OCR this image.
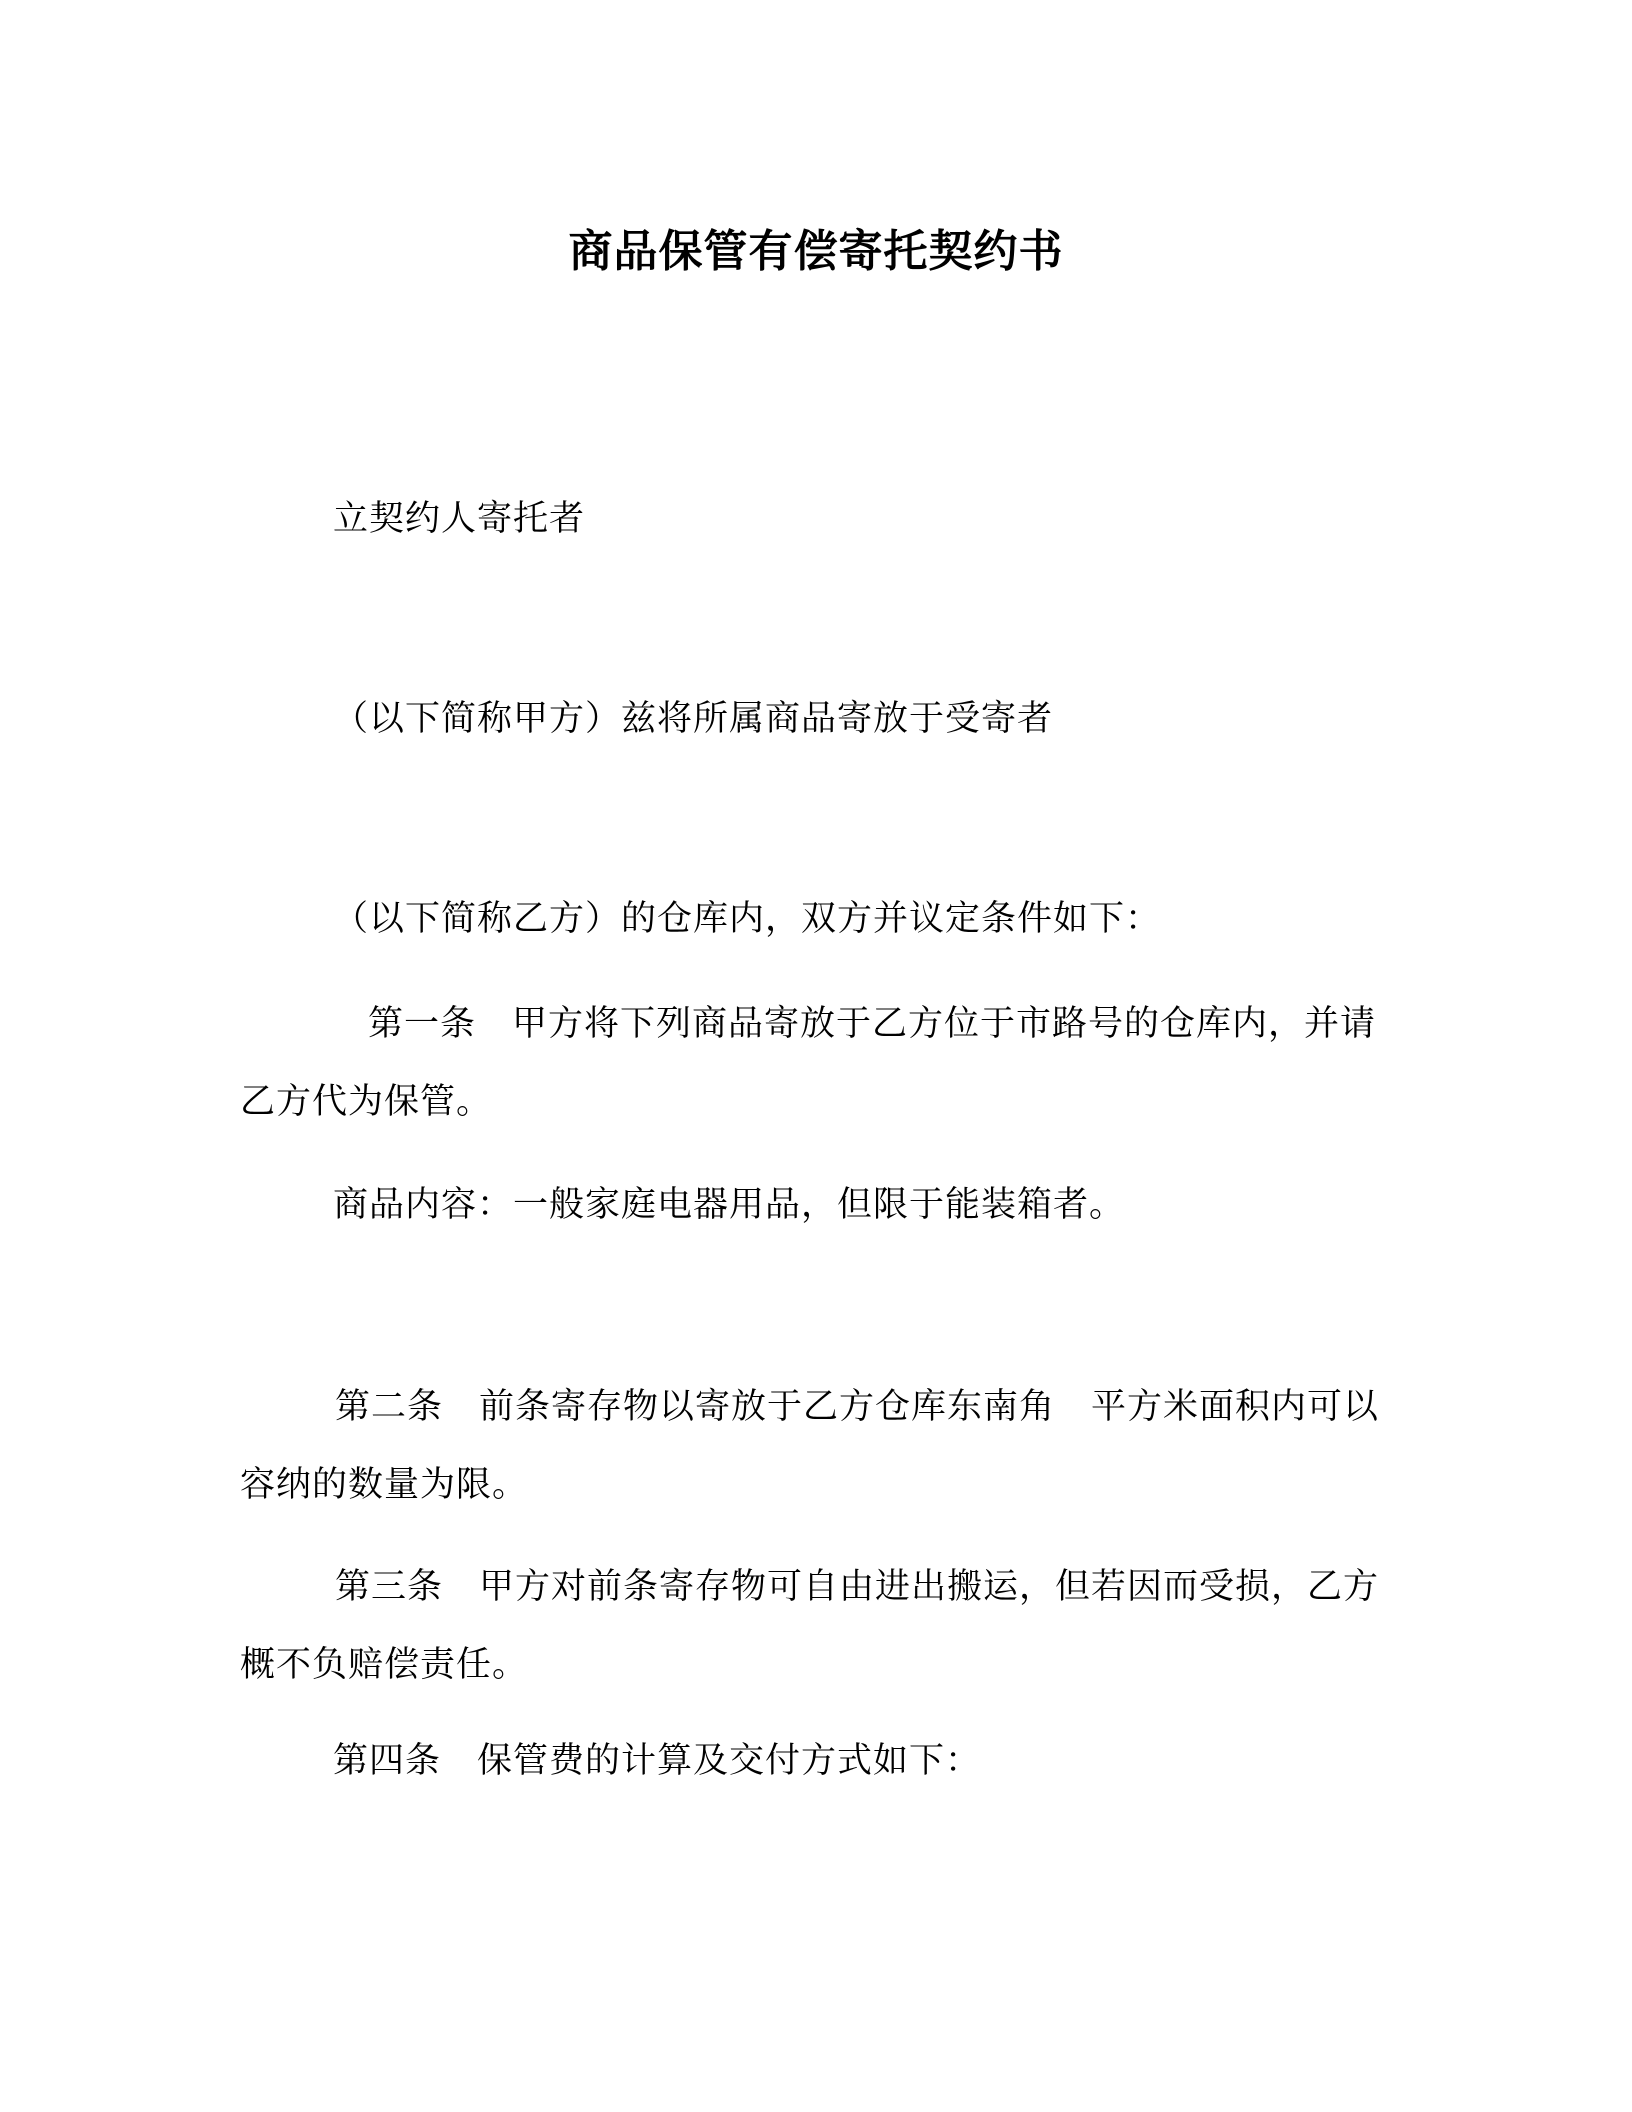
商品保管有偿寄托契约书
立契约人寄托者
（以下简称甲方）兹将所属商品寄放于受寄者
（以下简称乙方）的仓库内，双方并议定条件如下：
第一条　甲方将下列商品寄放于乙方位于市路号的仓库内，并请乙方代为保管。
商品内容：一般家庭电器用品，但限于能装箱者。
第二条　前条寄存物以寄放于乙方仓库东南角　平方米面积内可以容纳的数量为限。
第三条　甲方对前条寄存物可自由进出搬运，但若因而受损，乙方概不负赔偿责任。
第四条　保管费的计算及交付方式如下：
